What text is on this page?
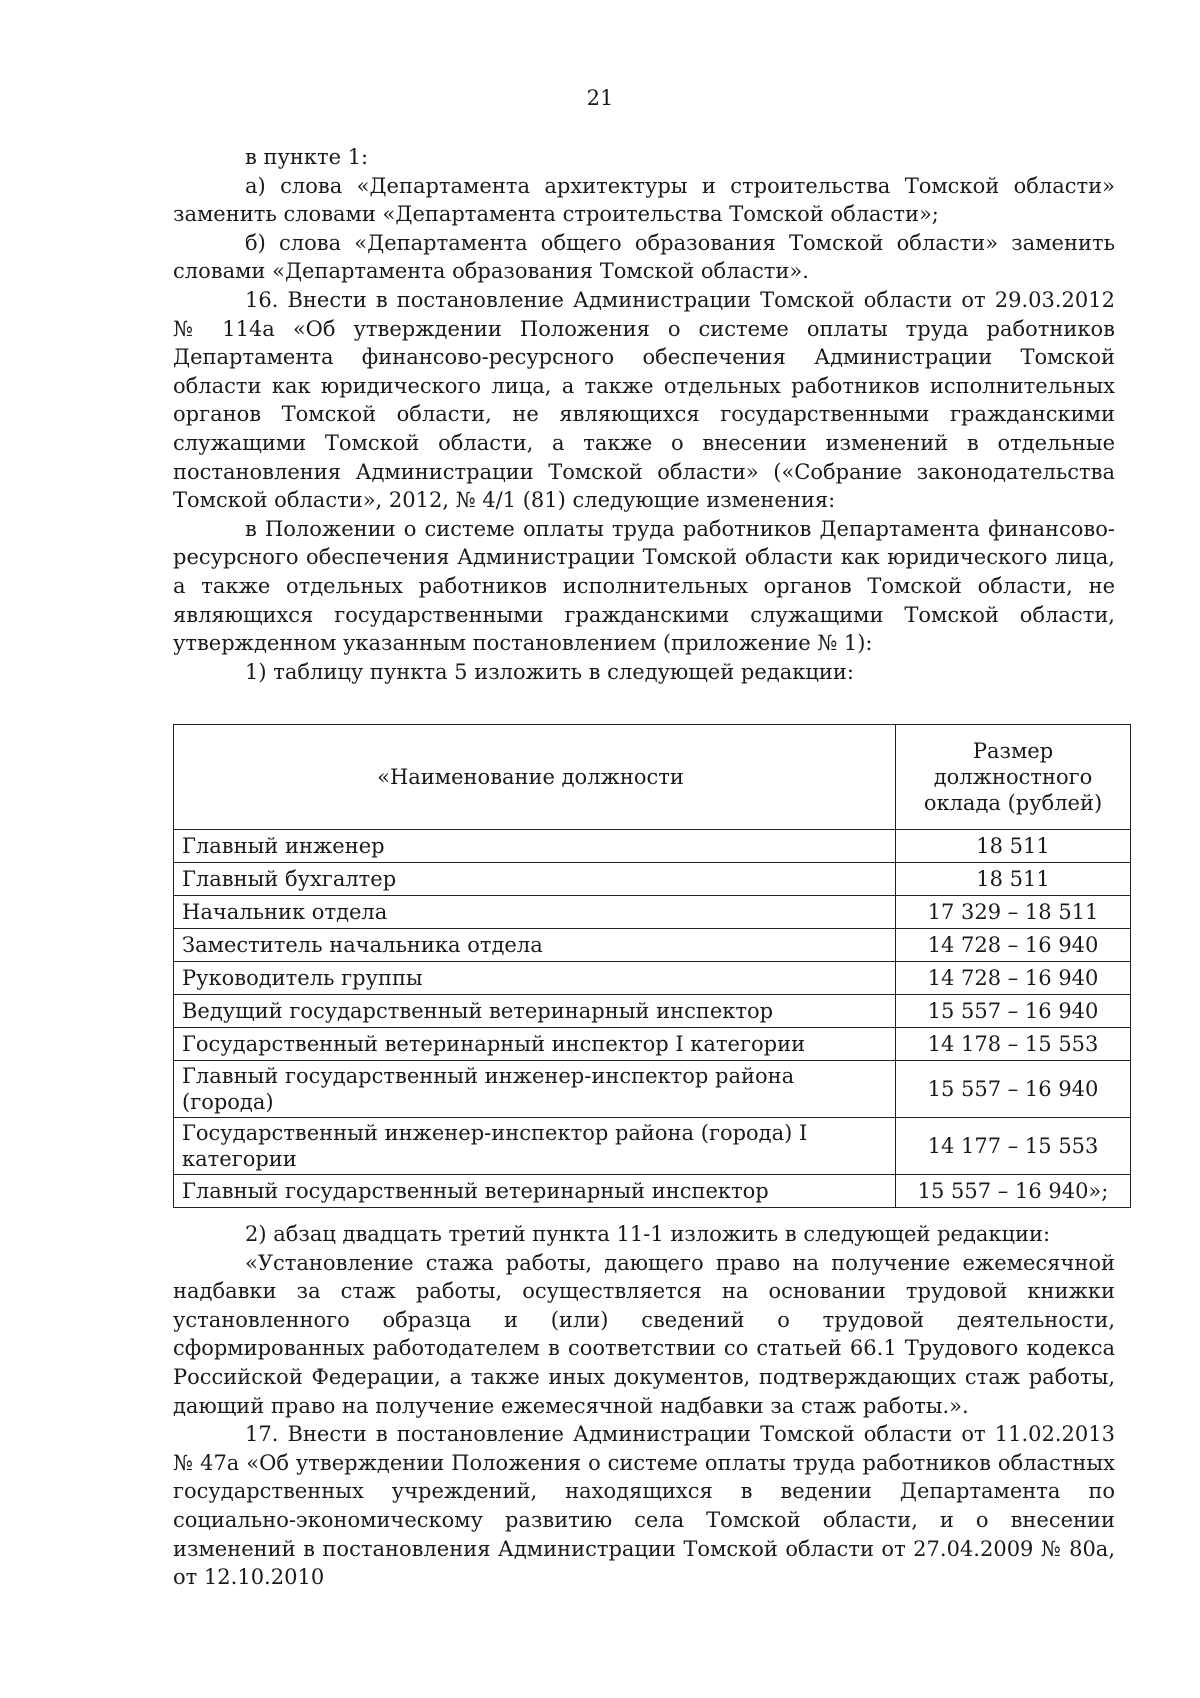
21

в пункте 1:

а) слова «Департамента архитектуры и строительства Томской области» заменить словами «Департамента строительства Томской области»;

б) слова «Департамента общего образования Томской области» заменить словами «Департамента образования Томской области».

16. Внести в постановление Администрации Томской области от 29.03.2012 № 114а «Об утверждении Положения о системе оплаты труда работников Департамента финансово-ресурсного обеспечения Администрации Томской области как юридического лица, а также отдельных работников исполнительных органов Томской области, не являющихся государственными гражданскими служащими Томской области, а также о внесении изменений в отдельные постановления Администрации Томской области» («Собрание законодательства Томской области», 2012, № 4/1 (81) следующие изменения:

в Положении о системе оплаты труда работников Департамента финансово-ресурсного обеспечения Администрации Томской области как юридического лица, а также отдельных работников исполнительных органов Томской области, не являющихся государственными гражданскими служащими Томской области, утвержденном указанным постановлением (приложение № 1):

1) таблицу пункта 5 изложить в следующей редакции:

«Наименование должности	Размер должностного оклада (рублей)
Главный инженер	18 511
Главный бухгалтер	18 511
Начальник отдела	17 329 – 18 511
Заместитель начальника отдела	14 728 – 16 940
Руководитель группы	14 728 – 16 940
Ведущий государственный ветеринарный инспектор	15 557 – 16 940
Государственный ветеринарный инспектор I категории	14 178 – 15 553
Главный государственный инженер-инспектор района (города)	15 557 – 16 940
Государственный инженер-инспектор района (города) I категории	14 177 – 15 553
Главный государственный ветеринарный инспектор	15 557 – 16 940»;

2) абзац двадцать третий пункта 11-1 изложить в следующей редакции:

«Установление стажа работы, дающего право на получение ежемесячной надбавки за стаж работы, осуществляется на основании трудовой книжки установленного образца и (или) сведений о трудовой деятельности, сформированных работодателем в соответствии со статьей 66.1 Трудового кодекса Российской Федерации, а также иных документов, подтверждающих стаж работы, дающий право на получение ежемесячной надбавки за стаж работы.».

17. Внести в постановление Администрации Томской области от 11.02.2013 № 47а «Об утверждении Положения о системе оплаты труда работников областных государственных учреждений, находящихся в ведении Департамента по социально-экономическому развитию села Томской области, и о внесении изменений в постановления Администрации Томской области от 27.04.2009 № 80а, от 12.10.2010
